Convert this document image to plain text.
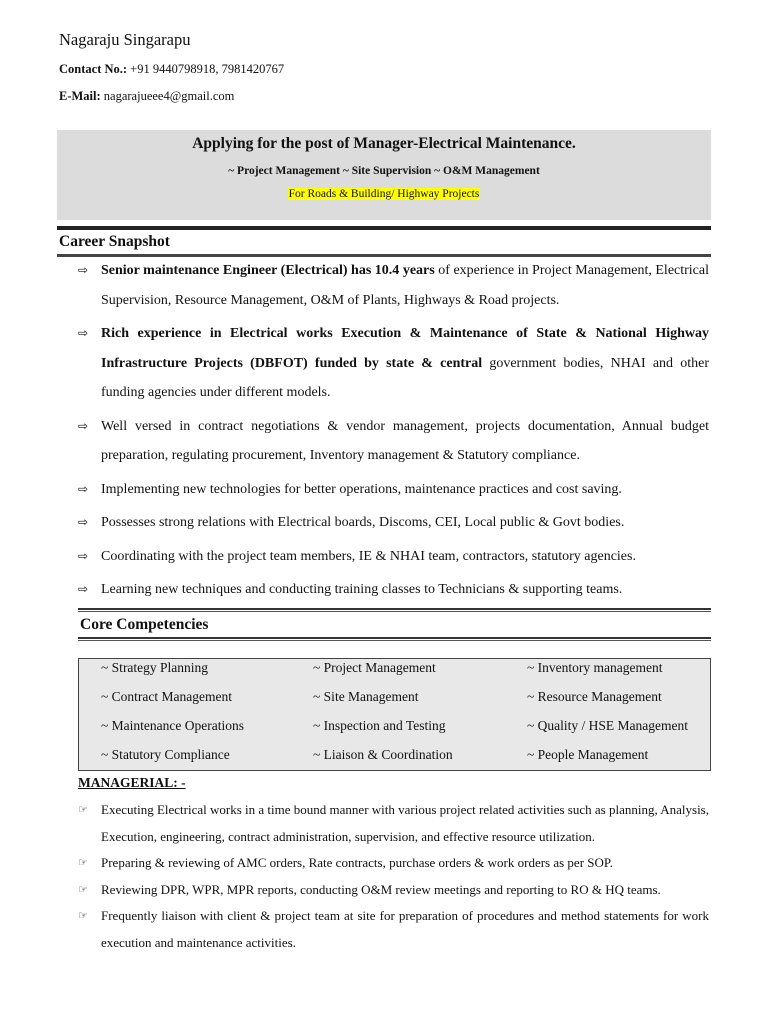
Nagaraju Singarapu
Contact No.: +91 9440798918, 7981420767
E-Mail: nagarajueee4@gmail.com
Applying for the post of Manager-Electrical Maintenance.
~ Project Management ~ Site Supervision ~ O&M Management
For Roads & Building/ Highway Projects
Career Snapshot
⇨ Senior maintenance Engineer (Electrical) has 10.4 years of experience in Project Management, Electrical Supervision, Resource Management, O&M of Plants, Highways & Road projects.
⇨ Rich experience in Electrical works Execution & Maintenance of State & National Highway Infrastructure Projects (DBFOT) funded by state & central government bodies, NHAI and other funding agencies under different models.
⇨ Well versed in contract negotiations & vendor management, projects documentation, Annual budget preparation, regulating procurement, Inventory management & Statutory compliance.
⇨ Implementing new technologies for better operations, maintenance practices and cost saving.
⇨ Possesses strong relations with Electrical boards, Discoms, CEI, Local public & Govt bodies.
⇨ Coordinating with the project team members, IE & NHAI team, contractors, statutory agencies.
⇨ Learning new techniques and conducting training classes to Technicians & supporting teams.
Core Competencies
~ Strategy Planning	~ Project Management	~ Inventory management
~ Contract Management	~ Site Management	~ Resource Management
~ Maintenance Operations	~ Inspection and Testing	~ Quality / HSE Management
~ Statutory Compliance	~ Liaison & Coordination	~ People Management
MANAGERIAL: -
☞ Executing Electrical works in a time bound manner with various project related activities such as planning, Analysis, Execution, engineering, contract administration, supervision, and effective resource utilization.
☞ Preparing & reviewing of AMC orders, Rate contracts, purchase orders & work orders as per SOP.
☞ Reviewing DPR, WPR, MPR reports, conducting O&M review meetings and reporting to RO & HQ teams.
☞ Frequently liaison with client & project team at site for preparation of procedures and method statements for work execution and maintenance activities.
